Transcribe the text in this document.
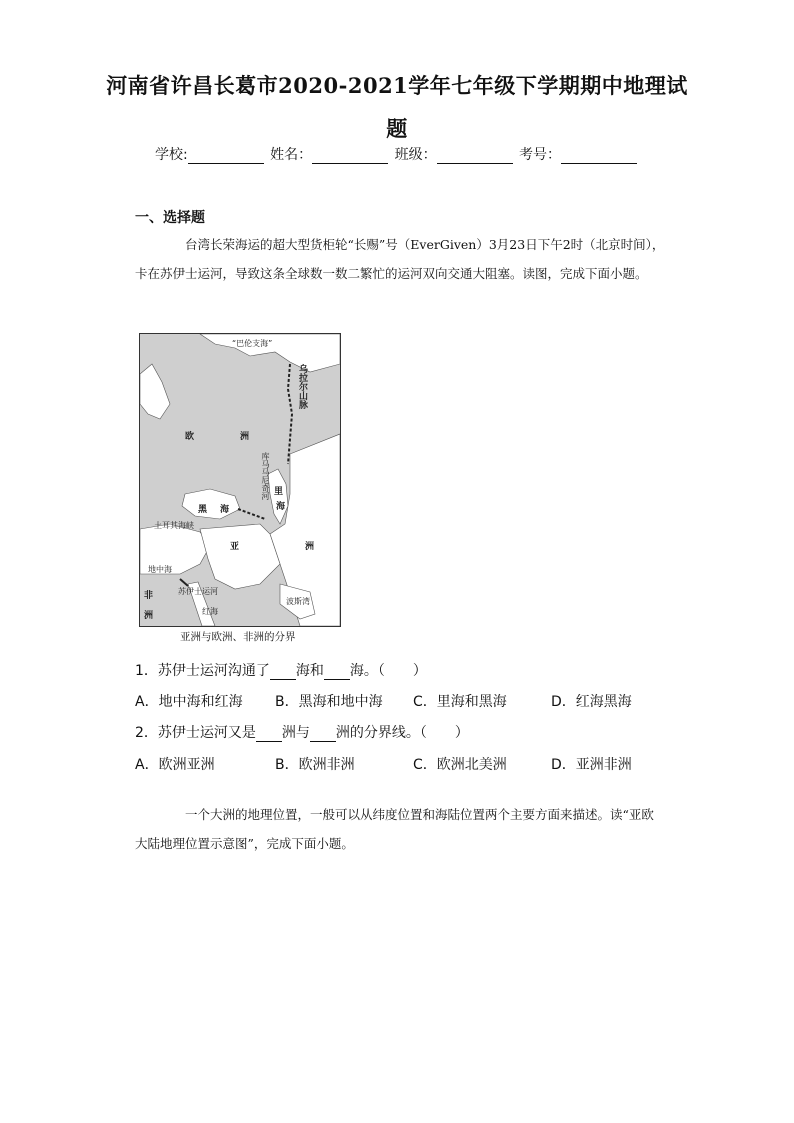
河南省许昌长葛市2020-2021学年七年级下学期期中地理试
题
学校:	姓名：	班级：	考号：
一、选择题
台湾长荣海运的超大型货柜轮“长赐”号（EverGiven）3月23日下午2时（北京时间），卡在苏伊士运河，导致这条全球数一数二繁忙的运河双向交通大阻塞。读图，完成下面小题。
“巴伦支海”
乌拉尔山脉
欧	洲
里
海
库马马尼奇河
黑 海
土耳其海峡
亚	洲
地中海
苏伊士运河
非
洲	红海
波斯湾
亚洲与欧洲、非洲的分界
1．苏伊士运河沟通了 海和 海。（　　）
A．地中海和红海	B．黑海和地中海	C．里海和黑海	D．红海黑海
2．苏伊士运河又是 洲与 洲的分界线。（　　）
A．欧洲亚洲	B．欧洲非洲	C．欧洲北美洲	D．亚洲非洲
一个大洲的地理位置，一般可以从纬度位置和海陆位置两个主要方面来描述。读“亚欧大陆地理位置示意图”，完成下面小题。
